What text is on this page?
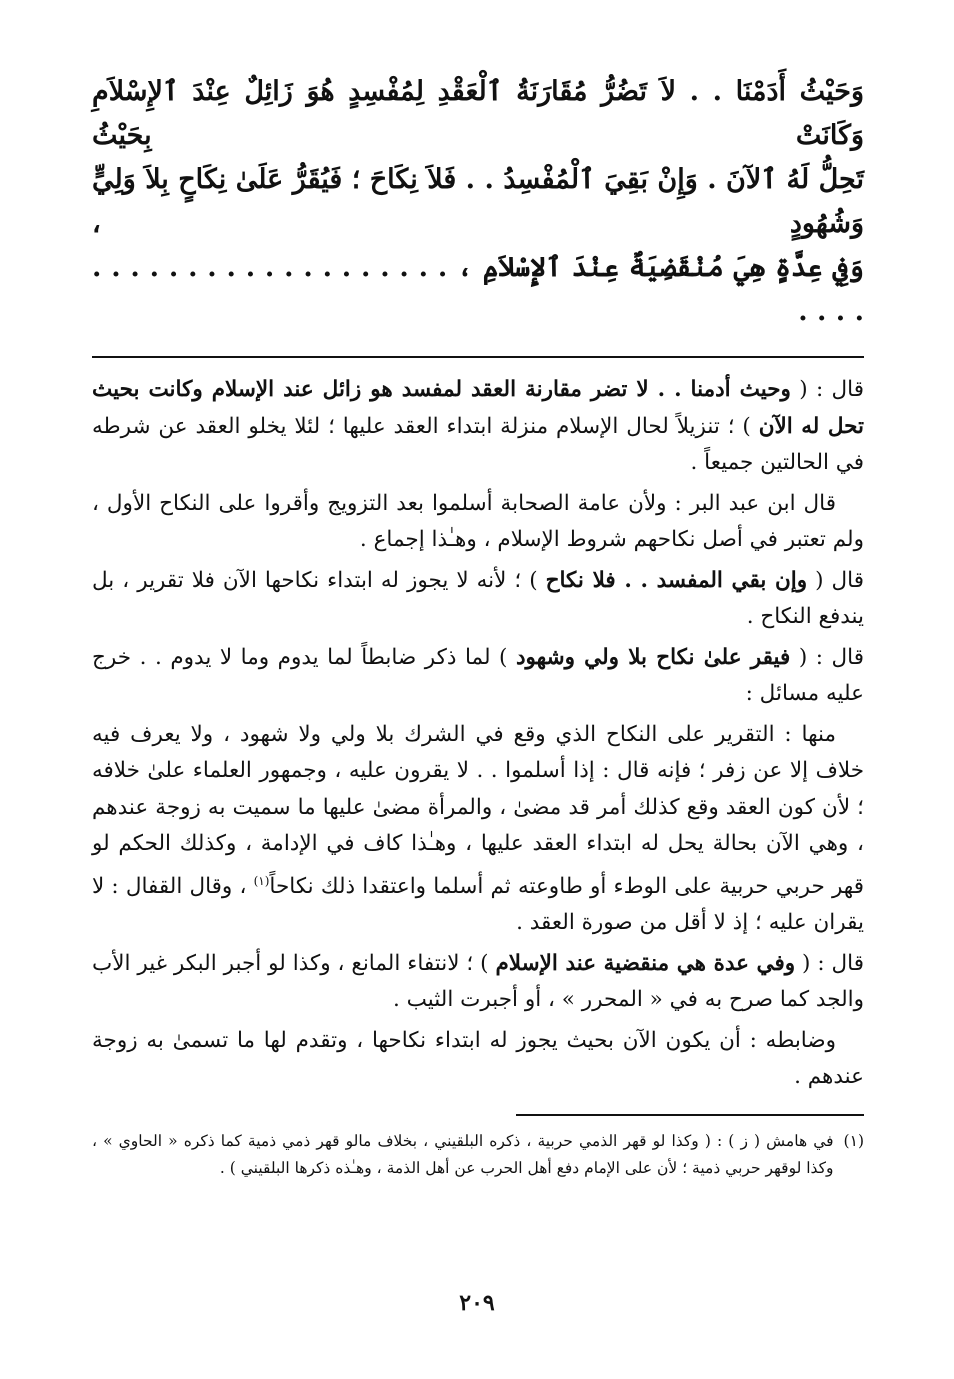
وَحَيْثُ أَدَمْنَا . . لاَ تَضُرُّ مُقَارَنَةُ ٱلْعَقْدِ لِمُفْسِدٍ هُوَ زَائِلٌ عِنْدَ ٱلإِسْلاَمِ وَكَانَتْ بِحَيْثُ
تَحِلُّ لَهُ ٱلآنَ . وَإِنْ بَقِيَ ٱلْمُفْسِدُ . . فَلاَ نِكَاحَ ؛ فَيُقَرُّ عَلَىٰ نِكَاحٍ بِلاَ وَلِيٍّ وَشُهُودٍ ،
وَفِي عِدَّةٍ هِيَ مُنْقَضِيَةٌ عِنْدَ ٱلإِسْلاَمِ ، . . . . . . . . . . . . . . . . . . . . . . .

قال : ( وحيث أدمنا . . لا تضر مقارنة العقد لمفسد هو زائل عند الإسلام وكانت بحيث تحل له الآن ) ؛ تنزيلاً لحال الإسلام منزلة ابتداء العقد عليها ؛ لئلا يخلو العقد عن شرطه في الحالتين جميعاً .

قال ابن عبد البر : ولأن عامة الصحابة أسلموا بعد التزويج وأقروا على النكاح الأول ، ولم تعتبر في أصل نكاحهم شروط الإسلام ، وهـٰذا إجماع .

قال ( وإن بقي المفسد . . فلا نكاح ) ؛ لأنه لا يجوز له ابتداء نكاحها الآن فلا تقرير ، بل يندفع النكاح .

قال : ( فيقر علىٰ نكاح بلا ولي وشهود ) لما ذكر ضابطاً لما يدوم وما لا يدوم . . خرج عليه مسائل :

منها : التقرير على النكاح الذي وقع في الشرك بلا ولي ولا شهود ، ولا يعرف فيه خلاف إلا عن زفر ؛ فإنه قال : إذا أسلموا . . لا يقرون عليه ، وجمهور العلماء علىٰ خلافه ؛ لأن كون العقد وقع كذلك أمر قد مضىٰ ، والمرأة مضىٰ عليها ما سميت به زوجة عندهم ، وهي الآن بحالة يحل له ابتداء العقد عليها ، وهـٰذا كاف في الإدامة ، وكذلك الحكم لو قهر حربي حربية على الوطء أو طاوعته ثم أسلما واعتقدا ذلك نكاحاً$^{(١)}$ ، وقال القفال : لا يقران عليه ؛ إذ لا أقل من صورة العقد .

قال : ( وفي عدة هي منقضية عند الإسلام ) ؛ لانتفاء المانع ، وكذا لو أجبر البكر غير الأب والجد كما صرح به في « المحرر » ، أو أجبرت الثيب .

وضابطه : أن يكون الآن بحيث يجوز له ابتداء نكاحها ، وتقدم لها ما تسمىٰ به زوجة عندهم .

(١)
في هامش ( ز ) : ( وكذا لو قهر الذمي حربية ، ذكره البلقيني ، بخلاف مالو قهر ذمي ذمية كما ذكره « الحاوي » ، وكذا لوقهر حربي ذمية ؛ لأن على الإمام دفع أهل الحرب عن أهل الذمة ، وهـٰذه ذكرها البلقيني ) .
٢٠٩
